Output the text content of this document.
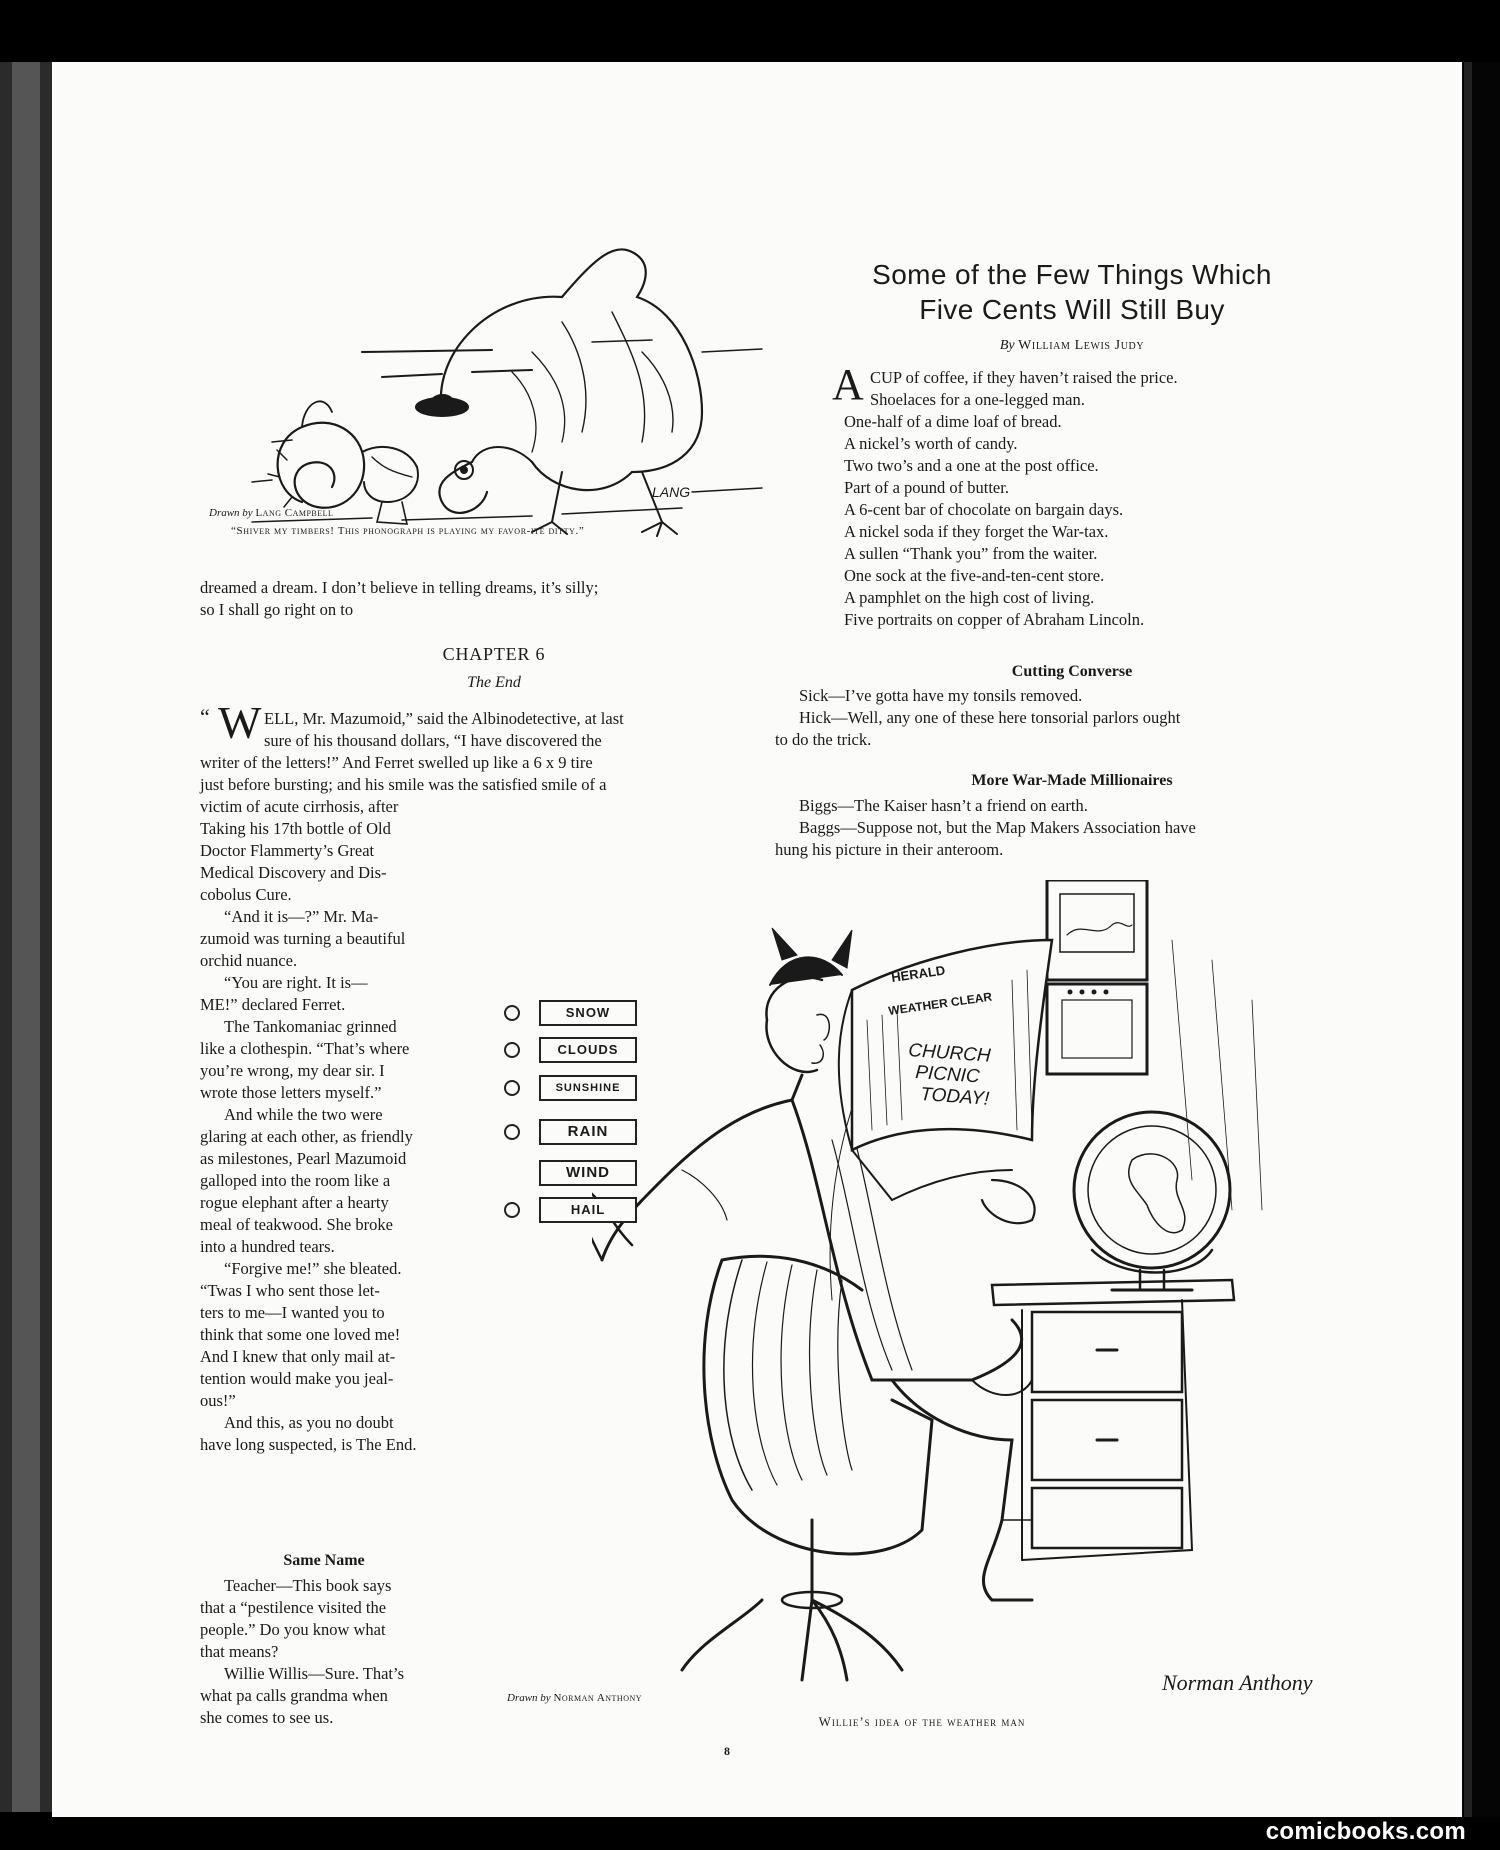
LANG
Drawn by Lang Campbell
“Shiver my timbers! This phonograph is playing my favor-ite ditty.”
dreamed a dream. I don’t believe in telling dreams, it’s silly;
so I shall go right on to
CHAPTER 6
The End
“ W ELL, Mr. Mazumoid,” said the Albinodetective, at last
sure of his thousand dollars, “I have discovered the
writer of the letters!” And Ferret swelled up like a 6 x 9 tire
just before bursting; and his smile was the satisfied smile of a
victim of acute cirrhosis, after
Taking his 17th bottle of Old
Doctor Flammerty’s Great
Medical Discovery and Dis-
cobolus Cure.
“And it is—?” Mr. Ma-
zumoid was turning a beautiful
orchid nuance.
“You are right. It is—
ME!” declared Ferret.
The Tankomaniac grinned
like a clothespin. “That’s where
you’re wrong, my dear sir. I
wrote those letters myself.”
And while the two were
glaring at each other, as friendly
as milestones, Pearl Mazumoid
galloped into the room like a
rogue elephant after a hearty
meal of teakwood. She broke
into a hundred tears.
“Forgive me!” she bleated.
“Twas I who sent those let-
ters to me—I wanted you to
think that some one loved me!
And I knew that only mail at-
tention would make you jeal-
ous!”
And this, as you no doubt
have long suspected, is The End.
Same Name
Teacher—This book says
that a “pestilence visited the
people.” Do you know what
that means?
Willie Willis—Sure. That’s
what pa calls grandma when
she comes to see us.
Some of the Few Things Which
Five Cents Will Still Buy
By William Lewis Judy
A CUP of coffee, if they haven’t raised the price.
Shoelaces for a one-legged man.
One-half of a dime loaf of bread.
A nickel’s worth of candy.
Two two’s and a one at the post office.
Part of a pound of butter.
A 6-cent bar of chocolate on bargain days.
A nickel soda if they forget the War-tax.
A sullen “Thank you” from the waiter.
One sock at the five-and-ten-cent store.
A pamphlet on the high cost of living.
Five portraits on copper of Abraham Lincoln.
Cutting Converse
Sick—I’ve gotta have my tonsils removed.
Hick—Well, any one of these here tonsorial parlors ought
to do the trick.
More War-Made Millionaires
Biggs—The Kaiser hasn’t a friend on earth.
Baggs—Suppose not, but the Map Makers Association have
hung his picture in their anteroom.
HERALD
WEATHER CLEAR
CHURCH
PICNIC
TODAY!
Norman Anthony
SNOW
CLOUDS
SUNSHINE
RAIN
WIND
HAIL
Drawn by Norman Anthony
Willie’s idea of the weather man
8
comicbooks.com
